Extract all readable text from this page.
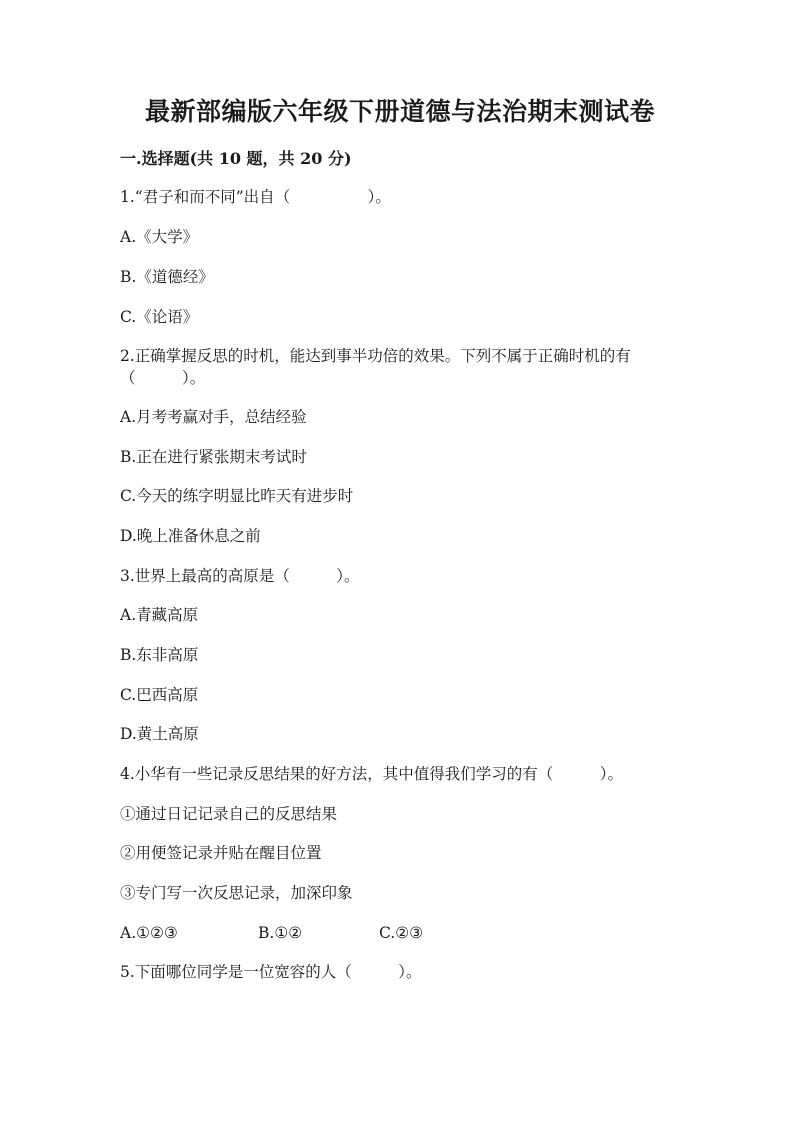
最新部编版六年级下册道德与法治期末测试卷
一.选择题(共 10 题，共 20 分)
1.“君子和而不同”出自（　　　　　）。
A.《大学》
B.《道德经》
C.《论语》
2.正确掌握反思的时机，能达到事半功倍的效果。下列不属于正确时机的有
（　　　）。
A.月考考赢对手，总结经验
B.正在进行紧张期末考试时
C.今天的练字明显比昨天有进步时
D.晚上准备休息之前
3.世界上最高的高原是（　　　）。
A.青藏高原
B.东非高原
C.巴西高原
D.黄土高原
4.小华有一些记录反思结果的好方法，其中值得我们学习的有（　　　）。
①通过日记记录自己的反思结果
②用便签记录并贴在醒目位置
③专门写一次反思记录，加深印象
A.①②③	B.①②	C.②③
5.下面哪位同学是一位宽容的人（　　　）。
